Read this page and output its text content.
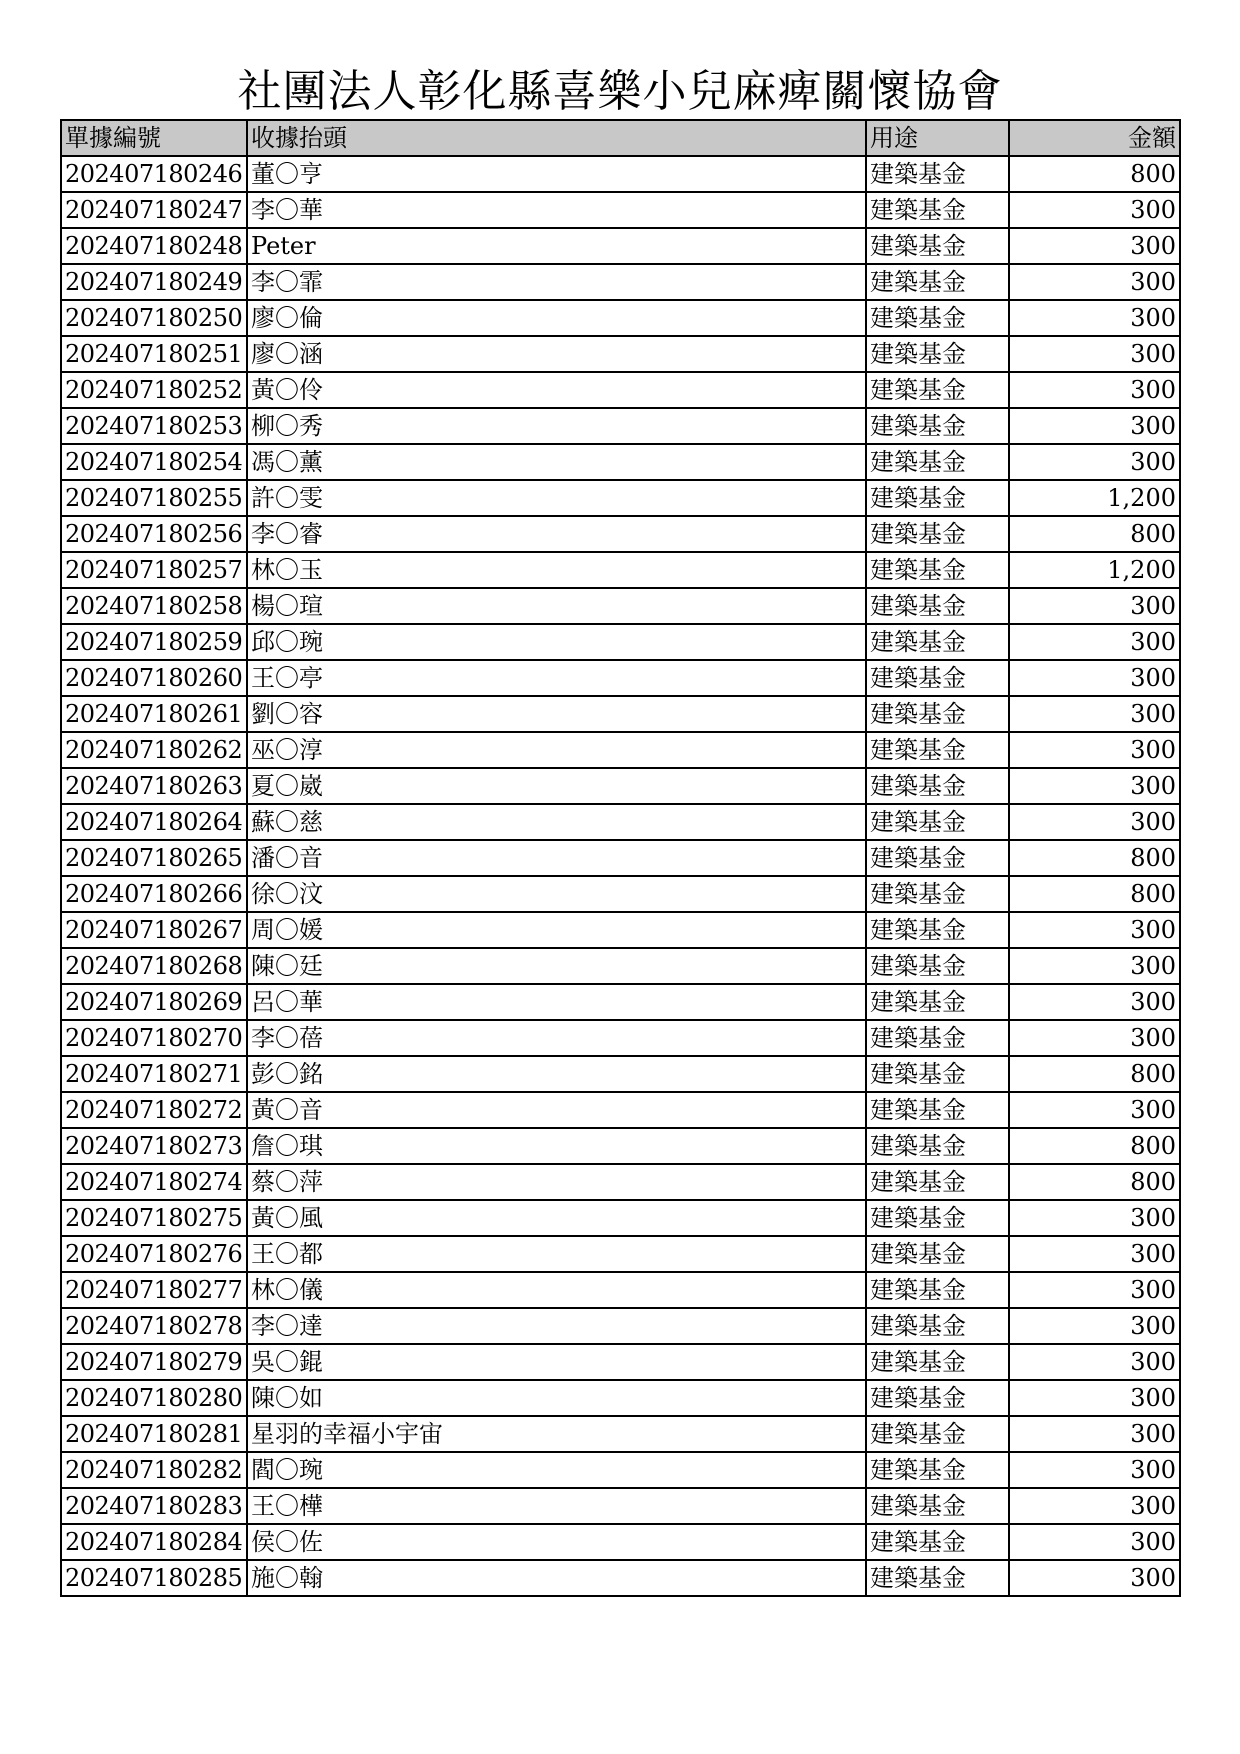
社團法人彰化縣喜樂小兒麻痺關懷協會
單據編號	收據抬頭	用途	金額
202407180246	董〇亨	建築基金	800
202407180247	李〇華	建築基金	300
202407180248	Peter	建築基金	300
202407180249	李〇霏	建築基金	300
202407180250	廖〇倫	建築基金	300
202407180251	廖〇涵	建築基金	300
202407180252	黃〇伶	建築基金	300
202407180253	柳〇秀	建築基金	300
202407180254	馮〇薰	建築基金	300
202407180255	許〇雯	建築基金	1,200
202407180256	李〇睿	建築基金	800
202407180257	林〇玉	建築基金	1,200
202407180258	楊〇瑄	建築基金	300
202407180259	邱〇琬	建築基金	300
202407180260	王〇亭	建築基金	300
202407180261	劉〇容	建築基金	300
202407180262	巫〇淳	建築基金	300
202407180263	夏〇崴	建築基金	300
202407180264	蘇〇慈	建築基金	300
202407180265	潘〇音	建築基金	800
202407180266	徐〇汶	建築基金	800
202407180267	周〇媛	建築基金	300
202407180268	陳〇廷	建築基金	300
202407180269	呂〇華	建築基金	300
202407180270	李〇蓓	建築基金	300
202407180271	彭〇銘	建築基金	800
202407180272	黃〇音	建築基金	300
202407180273	詹〇琪	建築基金	800
202407180274	蔡〇萍	建築基金	800
202407180275	黃〇風	建築基金	300
202407180276	王〇都	建築基金	300
202407180277	林〇儀	建築基金	300
202407180278	李〇達	建築基金	300
202407180279	吳〇錕	建築基金	300
202407180280	陳〇如	建築基金	300
202407180281	星羽的幸福小宇宙	建築基金	300
202407180282	閻〇琬	建築基金	300
202407180283	王〇樺	建築基金	300
202407180284	侯〇佐	建築基金	300
202407180285	施〇翰	建築基金	300
